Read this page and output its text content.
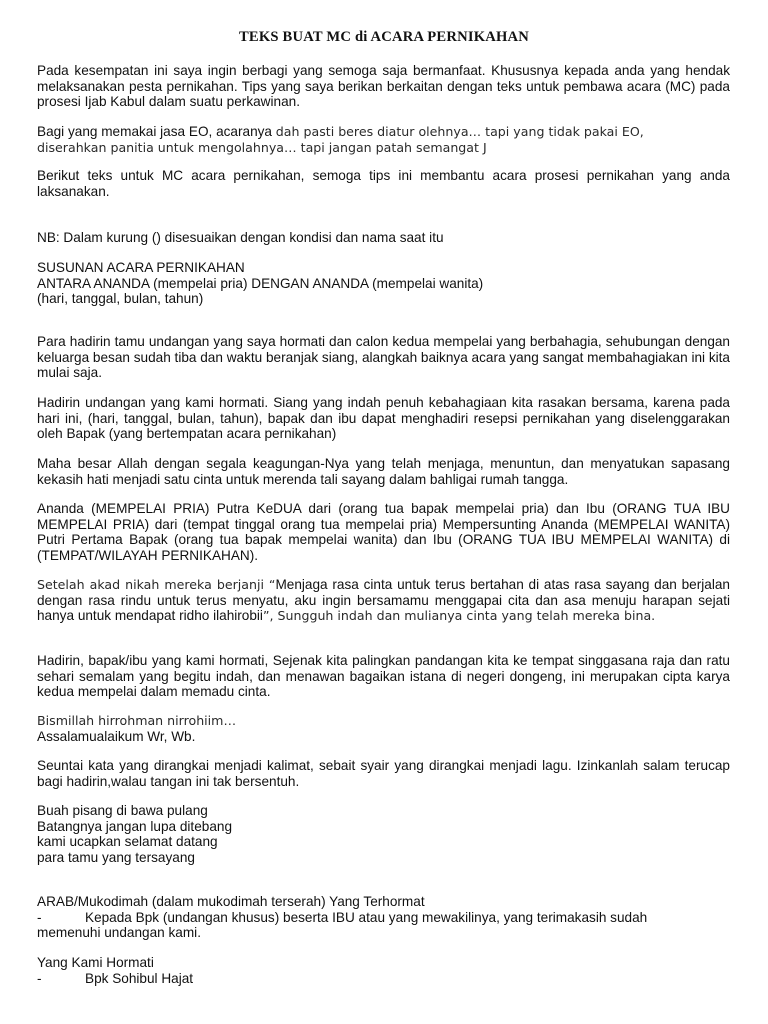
TEKS BUAT MC di ACARA PERNIKAHAN

Pada kesempatan ini saya ingin berbagi yang semoga saja bermanfaat. Khususnya kepada anda yang hendak melaksanakan pesta pernikahan. Tips yang saya berikan berkaitan dengan teks untuk pembawa acara (MC) pada prosesi Ijab Kabul dalam suatu perkawinan.

Bagi yang memakai jasa EO, acaranya dah pasti beres diatur olehnya… tapi yang tidak pakai EO,
diserahkan panitia untuk mengolahnya… tapi jangan patah semangat J

Berikut teks untuk MC acara pernikahan, semoga tips ini membantu acara prosesi pernikahan yang anda laksanakan.

NB: Dalam kurung () disesuaikan dengan kondisi dan nama saat itu
SUSUNAN ACARA PERNIKAHAN
ANTARA ANANDA (mempelai pria) DENGAN ANANDA (mempelai wanita)
(hari, tanggal, bulan, tahun)

Para hadirin tamu undangan yang saya hormati dan calon kedua mempelai yang berbahagia, sehubungan dengan keluarga besan sudah tiba dan waktu beranjak siang, alangkah baiknya acara yang sangat membahagiakan ini kita mulai saja.

Hadirin undangan yang kami hormati. Siang yang indah penuh kebahagiaan kita rasakan bersama, karena pada hari ini, (hari, tanggal, bulan, tahun), bapak dan ibu dapat menghadiri resepsi pernikahan yang diselenggarakan oleh Bapak (yang bertempatan acara pernikahan)

Maha besar Allah dengan segala keagungan-Nya yang telah menjaga, menuntun, dan menyatukan sapasang kekasih hati menjadi satu cinta untuk merenda tali sayang dalam bahligai rumah tangga.

Ananda (MEMPELAI PRIA) Putra KeDUA dari (orang tua bapak mempelai pria) dan Ibu (ORANG TUA IBU MEMPELAI PRIA) dari (tempat tinggal orang tua mempelai pria) Mempersunting Ananda (MEMPELAI WANITA) Putri Pertama Bapak (orang tua bapak mempelai wanita) dan Ibu (ORANG TUA IBU MEMPELAI WANITA) di (TEMPAT/WILAYAH PERNIKAHAN).

Setelah akad nikah mereka berjanji “Menjaga rasa cinta untuk terus bertahan di atas rasa sayang dan berjalan dengan rasa rindu untuk terus menyatu, aku ingin bersamamu menggapai cita dan asa menuju harapan sejati hanya untuk mendapat ridho ilahirobii”, Sungguh indah dan mulianya cinta yang telah mereka bina.

Hadirin, bapak/ibu yang kami hormati, Sejenak kita palingkan pandangan kita ke tempat singgasana raja dan ratu sehari semalam yang begitu indah, dan menawan bagaikan istana di negeri dongeng, ini merupakan cipta karya kedua mempelai dalam memadu cinta.

Bismillah hirrohman nirrohiim…
Assalamualaikum Wr, Wb.

Seuntai kata yang dirangkai menjadi kalimat, sebait syair yang dirangkai menjadi lagu. Izinkanlah salam terucap bagi hadirin,walau tangan ini tak bersentuh.

Buah pisang di bawa pulang
Batangnya jangan lupa ditebang
kami ucapkan selamat datang
para tamu yang tersayang
ARAB/Mukodimah (dalam mukodimah terserah) Yang Terhormat
-	Kepada Bpk (undangan khusus) beserta IBU atau yang mewakilinya, yang terimakasih sudah
memenuhi undangan kami.
Yang Kami Hormati
-	Bpk Sohibul Hajat
